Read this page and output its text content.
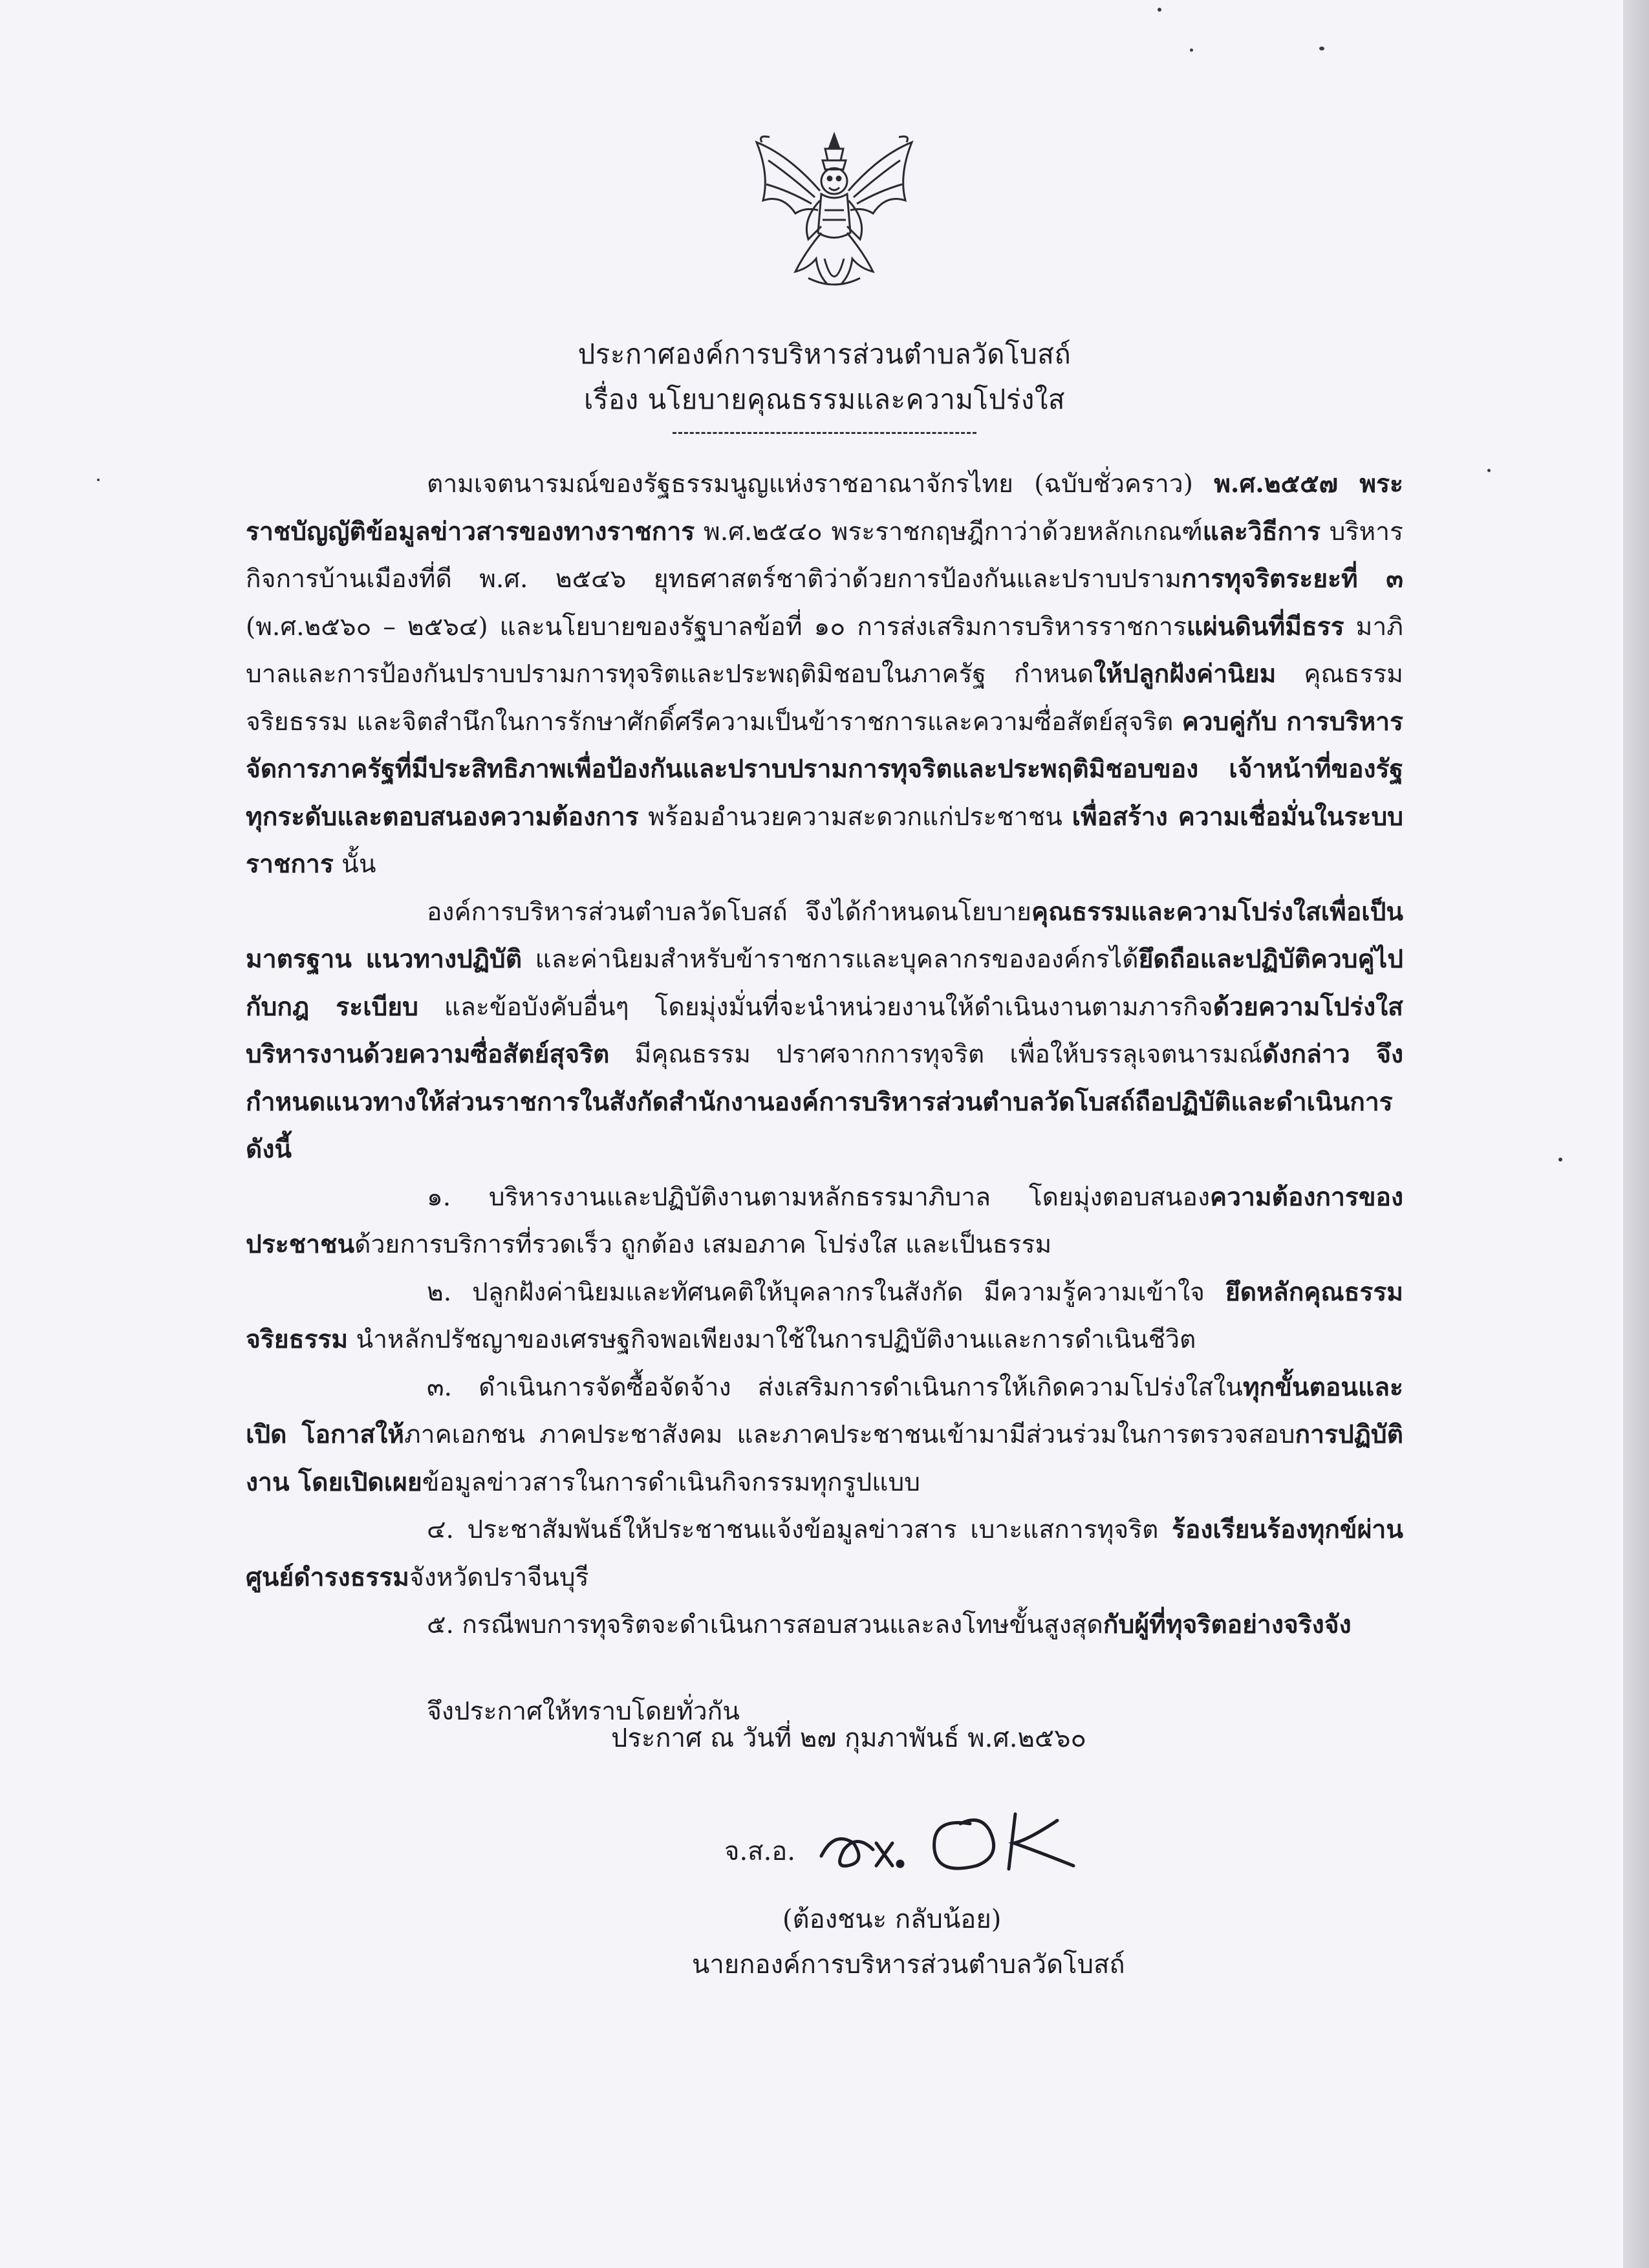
ประกาศองค์การบริหารส่วนตำบลวัดโบสถ์
เรื่อง นโยบายคุณธรรมและความโปร่งใส

ตามเจตนารมณ์ของรัฐธรรมนูญแห่งราชอาณาจักรไทย (ฉบับชั่วคราว) พ.ศ.๒๕๕๗ พระราชบัญญัติข้อมูลข่าวสารของทางราชการ พ.ศ.๒๕๔๐ พระราชกฤษฎีกาว่าด้วยหลักเกณฑ์และวิธีการ บริหารกิจการบ้านเมืองที่ดี พ.ศ. ๒๕๔๖ ยุทธศาสตร์ชาติว่าด้วยการป้องกันและปราบปรามการทุจริตระยะที่ ๓ (พ.ศ.๒๕๖๐ – ๒๕๖๔) และนโยบายของรัฐบาลข้อที่ ๑๐ การส่งเสริมการบริหารราชการแผ่นดินที่มีธรร มาภิบาลและการป้องกันปราบปรามการทุจริตและประพฤติมิชอบในภาครัฐ กำหนดให้ปลูกฝังค่านิยม คุณธรรม จริยธรรม และจิตสำนึกในการรักษาศักดิ์ศรีความเป็นข้าราชการและความซื่อสัตย์สุจริต ควบคู่กับ การบริหารจัดการภาครัฐที่มีประสิทธิภาพเพื่อป้องกันและปราบปรามการทุจริตและประพฤติมิชอบของ เจ้าหน้าที่ของรัฐทุกระดับและตอบสนองความต้องการ พร้อมอำนวยความสะดวกแก่ประชาชน เพื่อสร้าง ความเชื่อมั่นในระบบราชการ นั้น

องค์การบริหารส่วนตำบลวัดโบสถ์ จึงได้กำหนดนโยบายคุณธรรมและความโปร่งใสเพื่อเป็น มาตรฐาน แนวทางปฏิบัติ และค่านิยมสำหรับข้าราชการและบุคลากรขององค์กรได้ยึดถือและปฏิบัติควบคู่ไป กับกฎ ระเบียบ และข้อบังคับอื่นๆ โดยมุ่งมั่นที่จะนำหน่วยงานให้ดำเนินงานตามภารกิจด้วยความโปร่งใส บริหารงานด้วยความซื่อสัตย์สุจริต มีคุณธรรม ปราศจากการทุจริต เพื่อให้บรรลุเจตนารมณ์ดังกล่าว จึง กำหนดแนวทางให้ส่วนราชการในสังกัดสำนักงานองค์การบริหารส่วนตำบลวัดโบสถ์ถือปฏิบัติและดำเนินการ ดังนี้

๑. บริหารงานและปฏิบัติงานตามหลักธรรมาภิบาล โดยมุ่งตอบสนองความต้องการของ ประชาชนด้วยการบริการที่รวดเร็ว ถูกต้อง เสมอภาค โปร่งใส และเป็นธรรม

๒. ปลูกฝังค่านิยมและทัศนคติให้บุคลากรในสังกัด มีความรู้ความเข้าใจ ยึดหลักคุณธรรม จริยธรรม นำหลักปรัชญาของเศรษฐกิจพอเพียงมาใช้ในการปฏิบัติงานและการดำเนินชีวิต

๓. ดำเนินการจัดซื้อจัดจ้าง ส่งเสริมการดำเนินการให้เกิดความโปร่งใสในทุกขั้นตอนและเปิด โอกาสให้ภาคเอกชน ภาคประชาสังคม และภาคประชาชนเข้ามามีส่วนร่วมในการตรวจสอบการปฏิบัติงาน โดยเปิดเผยข้อมูลข่าวสารในการดำเนินกิจกรรมทุกรูปแบบ

๔. ประชาสัมพันธ์ให้ประชาชนแจ้งข้อมูลข่าวสาร เบาะแสการทุจริต ร้องเรียนร้องทุกข์ผ่าน ศูนย์ดำรงธรรมจังหวัดปราจีนบุรี

๕. กรณีพบการทุจริตจะดำเนินการสอบสวนและลงโทษขั้นสูงสุดกับผู้ที่ทุจริตอย่างจริงจัง

จึงประกาศให้ทราบโดยทั่วกัน

ประกาศ ณ วันที่ ๒๗ กุมภาพันธ์ พ.ศ.๒๕๖๐
จ.ส.อ.
(ต้องชนะ กลับน้อย)
นายกองค์การบริหารส่วนตำบลวัดโบสถ์
